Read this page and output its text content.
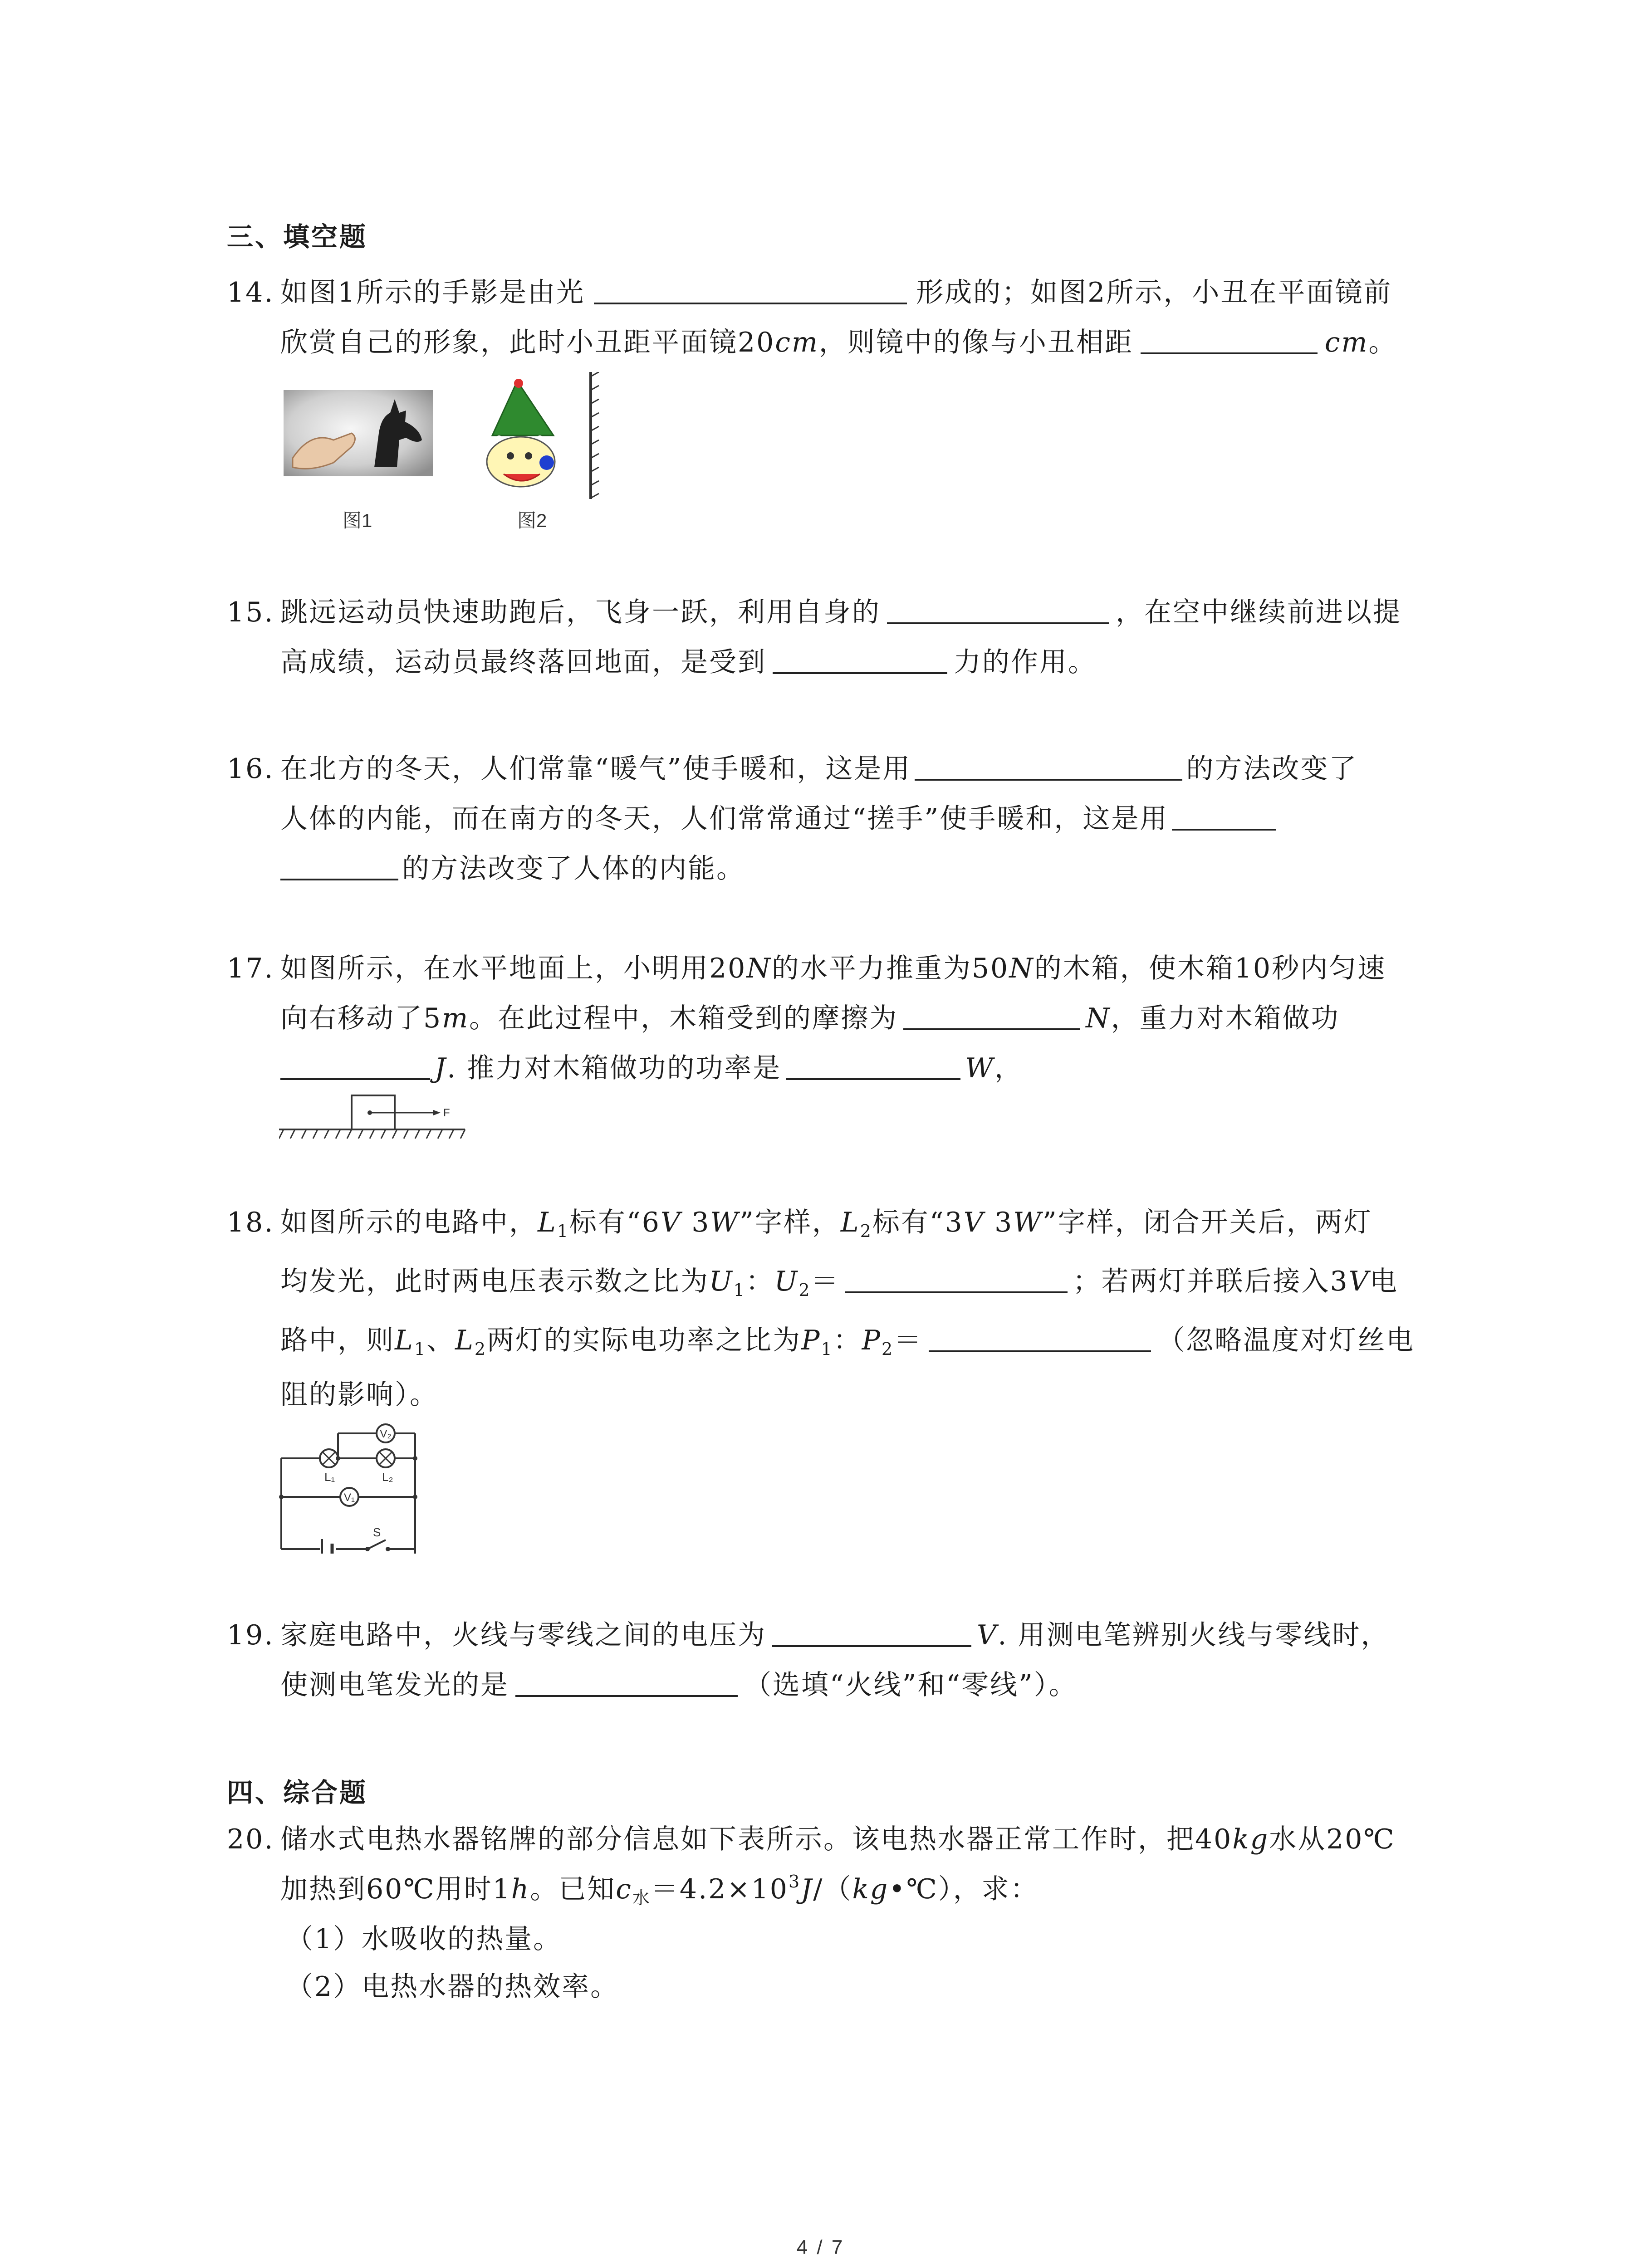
三、填空题
14. 如图1所示的手影是由光	形成的；如图2所示，小丑在平面镜前
欣赏自己的形象，此时小丑距平面镜20cm，则镜中的像与小丑相距	cm。
图1	图2
15. 跳远运动员快速助跑后，飞身一跃，利用自身的	，在空中继续前进以提
高成绩，运动员最终落回地面，是受到	力的作用。
16. 在北方的冬天，人们常靠“暖气”使手暖和，这是用	的方法改变了
人体的内能，而在南方的冬天，人们常常通过“搓手”使手暖和，这是用
的方法改变了人体的内能。
17. 如图所示，在水平地面上，小明用20N的水平力推重为50N的木箱，使木箱10秒内匀速
向右移动了5m。在此过程中，木箱受到的摩擦为	N，重力对木箱做功
J. 推力对木箱做功的功率是	W，
F
18. 如图所示的电路中，$L_1$标有“6V 3W”字样，$L_2$标有“3V 3W”字样，闭合开关后，两灯
均发光，此时两电压表示数之比为$U_1$：$U_2=$	；若两灯并联后接入3V电
路中，则$L_1$、$L_2$两灯的实际电功率之比为$P_1$：$P_2=$	（忽略温度对灯丝电
阻的影响）。
V₂
V₁
L₁	L₂
S
19. 家庭电路中，火线与零线之间的电压为	V. 用测电笔辨别火线与零线时，
使测电笔发光的是	（选填“火线”和“零线”）。
四、综合题
20. 储水式电热水器铭牌的部分信息如下表所示。该电热水器正常工作时，把40kg水从20℃
加热到60℃用时1h。已知$c_水=4.2\times 10^3J/(kg•℃)$，求：
（1）水吸收的热量。
（2）电热水器的热效率。
4 / 7
